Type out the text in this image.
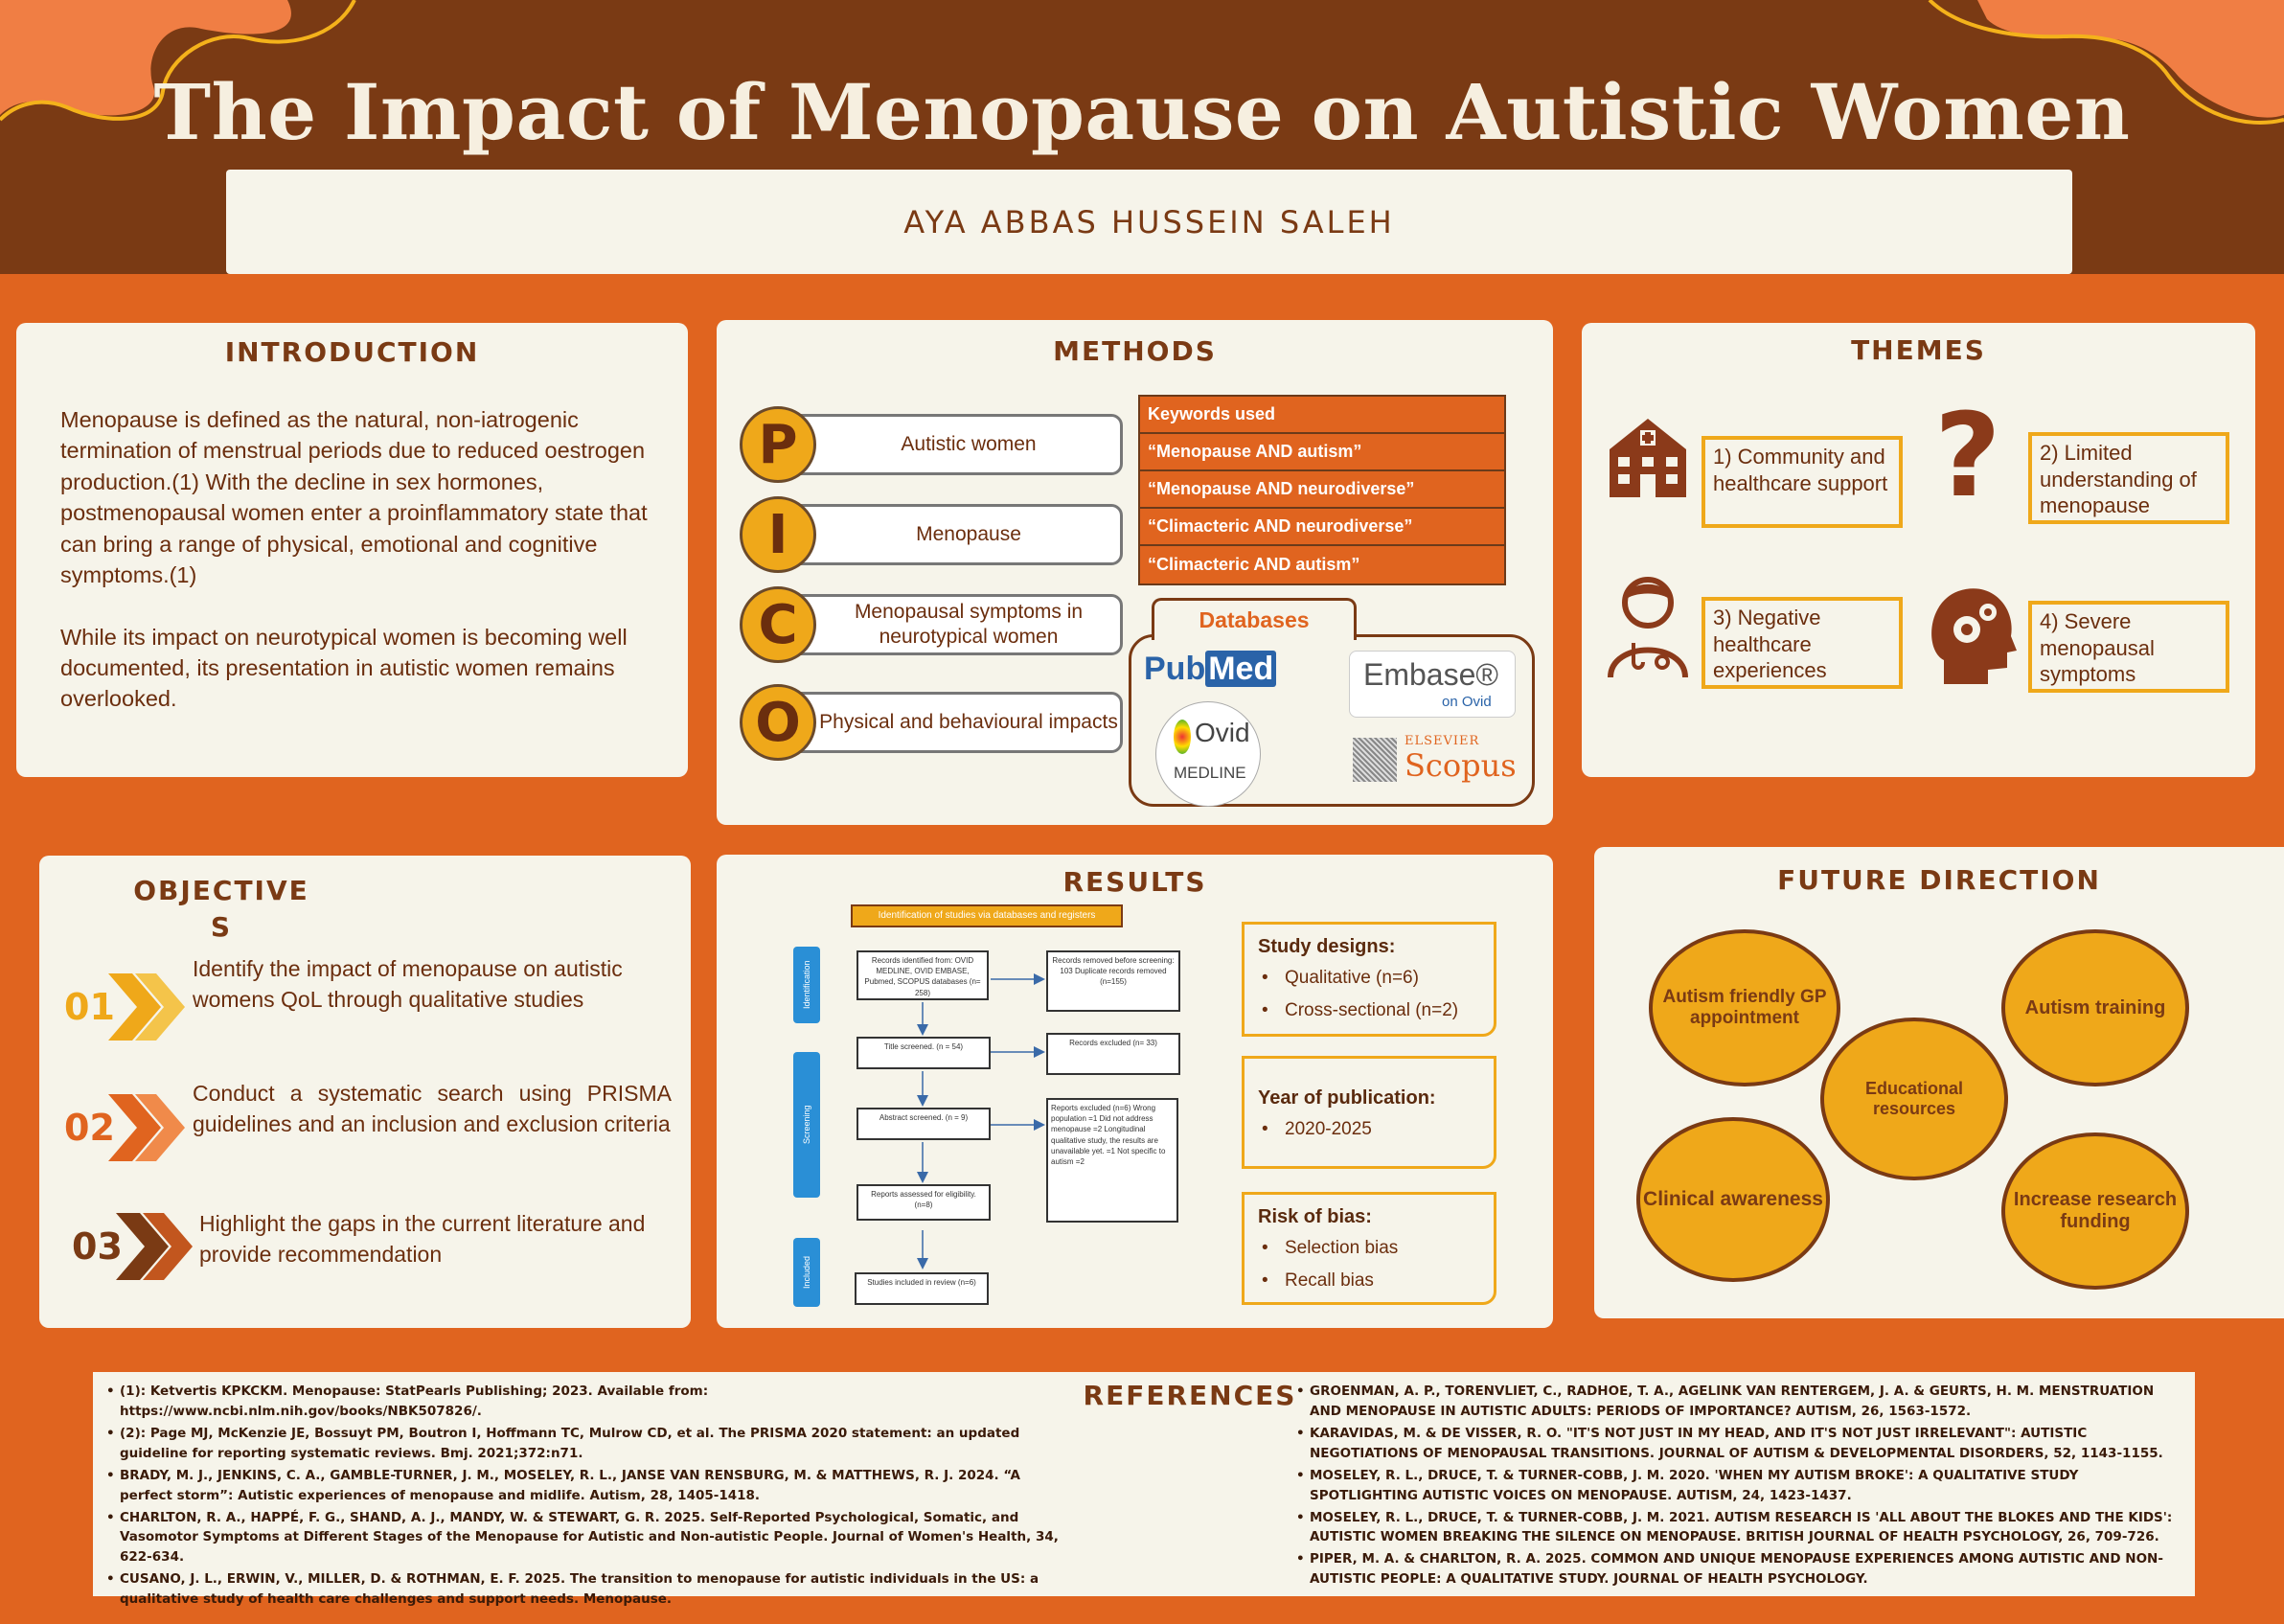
The Impact of Menopause on Autistic Women
AYA ABBAS HUSSEIN SALEH
INTRODUCTION

Menopause is defined as the natural, non-iatrogenic termination of menstrual periods due to reduced oestrogen production.(1) With the decline in sex hormones, postmenopausal women enter a proinflammatory state that can bring a range of physical, emotional and cognitive symptoms.(1)

While its impact on neurotypical women is becoming well documented, its presentation in autistic women remains overlooked.

METHODS
P	Autistic women
I	Menopause
C	Menopausal symptoms in neurotypical women
O Physical and behavioural impacts
Keywords used
“Menopause AND autism”
“Menopause AND neurodiverse”
“Climacteric AND neurodiverse”
“Climacteric AND autism”
Databases
PubMed	Embase®
on Ovid
Ovid
MEDLINE
ELSEVIER
Scopus
THEMES
1) Community and healthcare support ?	2) Limited understanding of menopause
3) Negative healthcare experiences
4) Severe menopausal symptoms
OBJECTIVE
S
01
Identify the impact of menopause on autistic womens QoL through qualitative studies
02
Conduct a systematic search using PRISMA guidelines and an inclusion and exclusion criteria
03
Highlight the gaps in the current literature and provide recommendation
RESULTS
Identification of studies via databases and registers
Identification
Screening
Included
Records identified from: OVID MEDLINE, OVID EMBASE, Pubmed, SCOPUS databases (n= 258)
Records removed before screening: 103 Duplicate records removed (n=155)
Title screened. (n = 54)	Records excluded (n= 33)
Abstract screened. (n = 9)
Reports excluded (n=6) Wrong population =1 Did not address menopause =2 Longitudinal qualitative study, the results are unavailable yet. =1 Not specific to autism =2
Reports assessed for eligibility. (n=8)
Studies included in review (n=6)
Study designs:
• Qualitative (n=6)
• Cross-sectional (n=2)
Year of publication:
• 2020-2025
Risk of bias:
• Selection bias
• Recall bias
FUTURE DIRECTION
Autism friendly GP appointment	Autism training
Educational resources
Clinical awareness	Increase research funding
• (1): Ketvertis KPKCKM. Menopause: StatPearls Publishing; 2023. Available from: https://www.ncbi.nlm.nih.gov/books/NBK507826/.
• (2): Page MJ, McKenzie JE, Bossuyt PM, Boutron I, Hoffmann TC, Mulrow CD, et al. The PRISMA 2020 statement: an updated guideline for reporting systematic reviews. Bmj. 2021;372:n71.
• BRADY, M. J., JENKINS, C. A., GAMBLE-TURNER, J. M., MOSELEY, R. L., JANSE VAN RENSBURG, M. & MATTHEWS, R. J. 2024. “A perfect storm”: Autistic experiences of menopause and midlife. Autism, 28, 1405-1418.
• CHARLTON, R. A., HAPPÉ, F. G., SHAND, A. J., MANDY, W. & STEWART, G. R. 2025. Self-Reported Psychological, Somatic, and Vasomotor Symptoms at Different Stages of the Menopause for Autistic and Non-autistic People. Journal of Women's Health, 34, 622-634.
• CUSANO, J. L., ERWIN, V., MILLER, D. & ROTHMAN, E. F. 2025. The transition to menopause for autistic individuals in the US: a qualitative study of health care challenges and support needs. Menopause.
REFERENCES
•	GROENMAN, A. P., TORENVLIET, C., RADHOE, T. A., AGELINK VAN RENTERGEM, J. A. & GEURTS, H. M. MENSTRUATION AND MENOPAUSE IN AUTISTIC ADULTS: PERIODS OF IMPORTANCE? AUTISM, 26, 1563-1572.
• KARAVIDAS, M. & DE VISSER, R. O. "IT'S NOT JUST IN MY HEAD, AND IT'S NOT JUST IRRELEVANT": AUTISTIC NEGOTIATIONS OF MENOPAUSAL TRANSITIONS. JOURNAL OF AUTISM & DEVELOPMENTAL DISORDERS, 52, 1143-1155.
• MOSELEY, R. L., DRUCE, T. & TURNER-COBB, J. M. 2020. 'WHEN MY AUTISM BROKE': A QUALITATIVE STUDY SPOTLIGHTING AUTISTIC VOICES ON MENOPAUSE. AUTISM, 24, 1423-1437.
• MOSELEY, R. L., DRUCE, T. & TURNER-COBB, J. M. 2021. AUTISM RESEARCH IS 'ALL ABOUT THE BLOKES AND THE KIDS': AUTISTIC WOMEN BREAKING THE SILENCE ON MENOPAUSE. BRITISH JOURNAL OF HEALTH PSYCHOLOGY, 26, 709-726.
• PIPER, M. A. & CHARLTON, R. A. 2025. COMMON AND UNIQUE MENOPAUSE EXPERIENCES AMONG AUTISTIC AND NON-AUTISTIC PEOPLE: A QUALITATIVE STUDY. JOURNAL OF HEALTH PSYCHOLOGY.
